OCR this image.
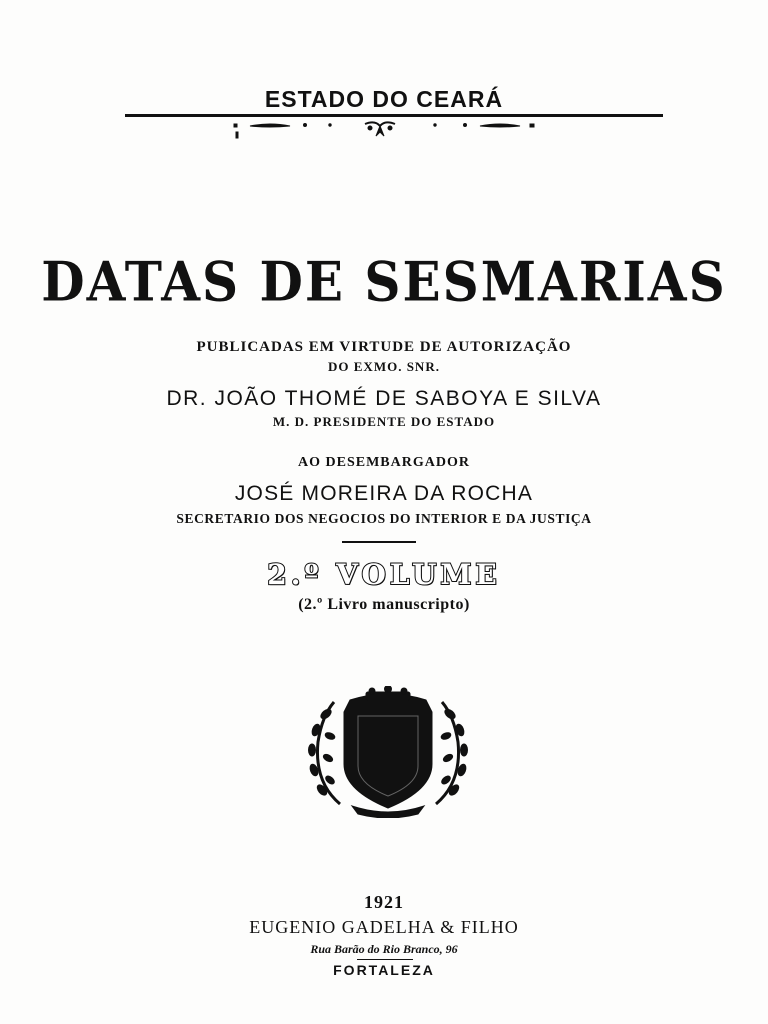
ESTADO DO CEARÁ
DATAS DE SESMARIAS
PUBLICADAS EM VIRTUDE DE AUTORIZAÇÃO
DO EXMO. SNR.
DR. JOÃO THOMÉ DE SABOYA E SILVA
M. D. PRESIDENTE DO ESTADO
AO DESEMBARGADOR
JOSÉ MOREIRA DA ROCHA
SECRETARIO DOS NEGOCIOS DO INTERIOR E DA JUSTIÇA
2.º VOLUME
(2.º Livro manuscripto)
1921
EUGENIO GADELHA & FILHO
Rua Barão do Rio Branco, 96
FORTALEZA
